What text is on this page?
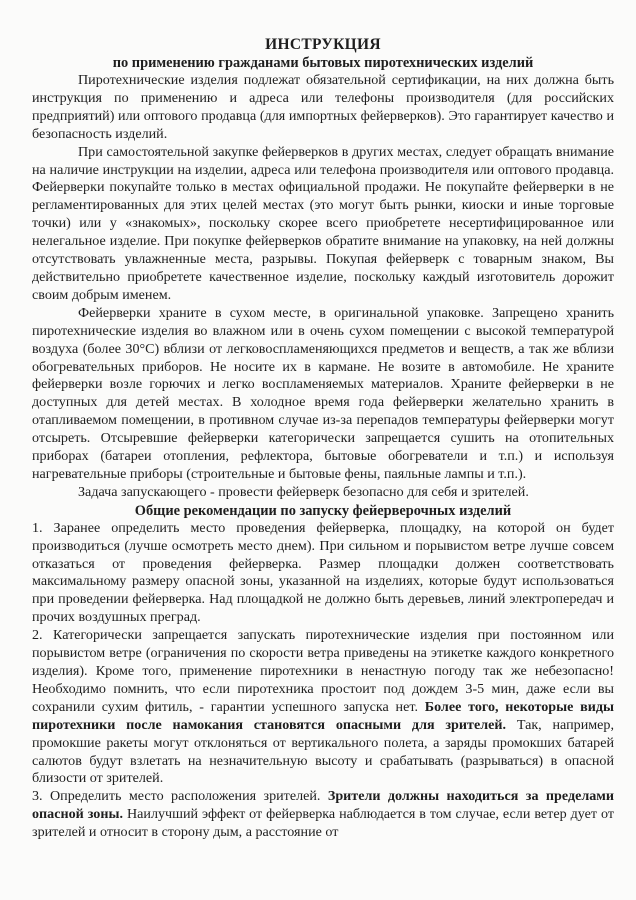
ИНСТРУКЦИЯ
по применению гражданами бытовых пиротехнических изделий

Пиротехнические изделия подлежат обязательной сертификации, на них должна быть инструкция по применению и адреса или телефоны производителя (для российских предприятий) или оптового продавца (для импортных фейерверков). Это гарантирует качество и безопасность изделий.

При самостоятельной закупке фейерверков в других местах, следует обращать внимание на наличие инструкции на изделии, адреса или телефона производителя или оптового продавца. Фейерверки покупайте только в местах официальной продажи. Не покупайте фейерверки в не регламентированных для этих целей местах (это могут быть рынки, киоски и иные торговые точки) или у «знакомых», поскольку скорее всего приобретете несертифицированное или нелегальное изделие. При покупке фейерверков обратите внимание на упаковку, на ней должны отсутствовать увлажненные места, разрывы. Покупая фейерверк с товарным знаком, Вы действительно приобретете качественное изделие, поскольку каждый изготовитель дорожит своим добрым именем.

Фейерверки храните в сухом месте, в оригинальной упаковке. Запрещено хранить пиротехнические изделия во влажном или в очень сухом помещении с высокой температурой воздуха (более 30°С) вблизи от легковоспламеняющихся предметов и веществ, а так же вблизи обогревательных приборов. Не носите их в кармане. Не возите в автомобиле. Не храните фейерверки возле горючих и легко воспламеняемых материалов. Храните фейерверки в не доступных для детей местах. В холодное время года фейерверки желательно хранить в отапливаемом помещении, в противном случае из-за перепадов температуры фейерверки могут отсыреть. Отсыревшие фейерверки категорически запрещается сушить на отопительных приборах (батареи отопления, рефлектора, бытовые обогреватели и т.п.) и используя нагревательные приборы (строительные и бытовые фены, паяльные лампы и т.п.).

Задача запускающего - провести фейерверк безопасно для себя и зрителей.

Общие рекомендации по запуску фейерверочных изделий

1. Заранее определить место проведения фейерверка, площадку, на которой он будет производиться (лучше осмотреть место днем). При сильном и порывистом ветре лучше совсем отказаться от проведения фейерверка. Размер площадки должен соответствовать максимальному размеру опасной зоны, указанной на изделиях, которые будут использоваться при проведении фейерверка. Над площадкой не должно быть деревьев, линий электропередач и прочих воздушных преград.

2. Категорически запрещается запускать пиротехнические изделия при постоянном или порывистом ветре (ограничения по скорости ветра приведены на этикетке каждого конкретного изделия). Кроме того, применение пиротехники в ненастную погоду так же небезопасно! Необходимо помнить, что если пиротехника простоит под дождем 3-5 мин, даже если вы сохранили сухим фитиль, - гарантии успешного запуска нет. Более того, некоторые виды пиротехники после намокания становятся опасными для зрителей. Так, например, промокшие ракеты могут отклоняться от вертикального полета, а заряды промокших батарей салютов будут взлетать на незначительную высоту и срабатывать (разрываться) в опасной близости от зрителей.

3. Определить место расположения зрителей. Зрители должны находиться за пределами опасной зоны. Наилучший эффект от фейерверка наблюдается в том случае, если ветер дует от зрителей и относит в сторону дым, а расстояние от
